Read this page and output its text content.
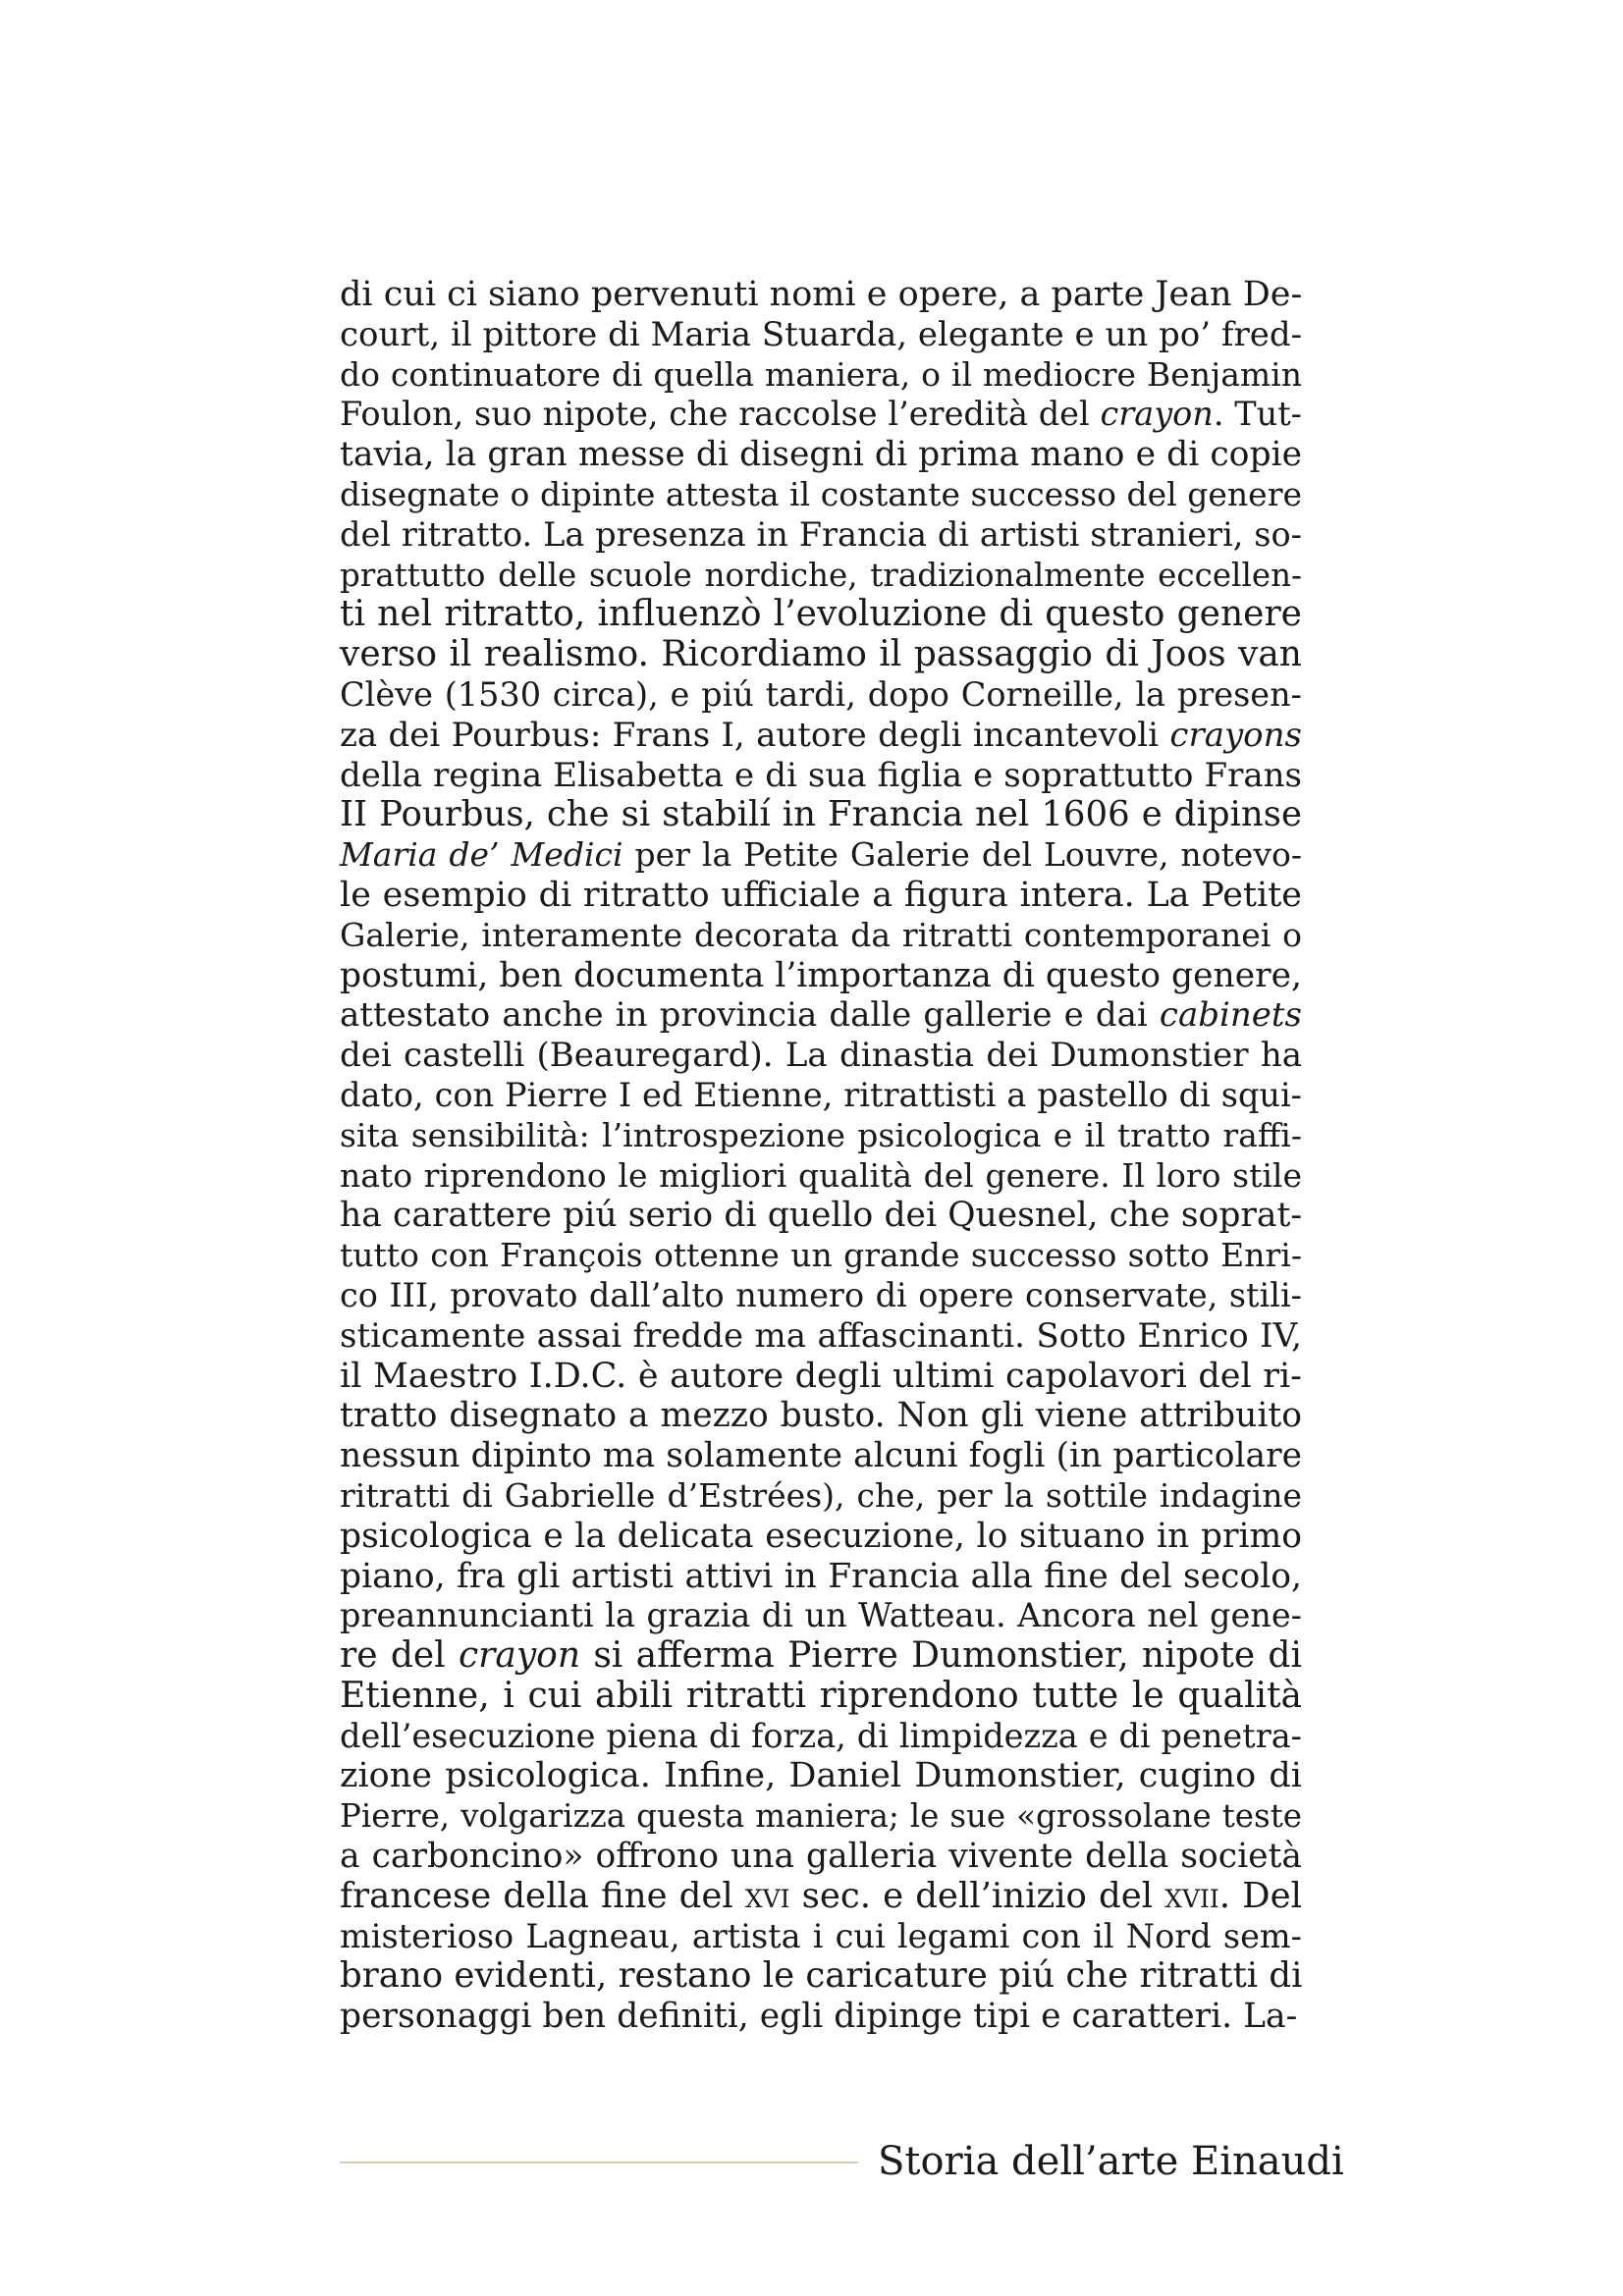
di cui ci siano pervenuti nomi e opere, a parte Jean De-
court, il pittore di Maria Stuarda, elegante e un po’ fred-
do continuatore di quella maniera, o il mediocre Benjamin
Foulon, suo nipote, che raccolse l’eredità del crayon. Tut-
tavia, la gran messe di disegni di prima mano e di copie
disegnate o dipinte attesta il costante successo del genere
del ritratto. La presenza in Francia di artisti stranieri, so-
prattutto delle scuole nordiche, tradizionalmente eccellen-
ti nel ritratto, influenzò l’evoluzione di questo genere
verso il realismo. Ricordiamo il passaggio di Joos van
Clève (1530 circa), e piú tardi, dopo Corneille, la presen-
za dei Pourbus: Frans I, autore degli incantevoli crayons
della regina Elisabetta e di sua figlia e soprattutto Frans
II Pourbus, che si stabilí in Francia nel 1606 e dipinse
Maria de’ Medici per la Petite Galerie del Louvre, notevo-
le esempio di ritratto ufficiale a figura intera. La Petite
Galerie, interamente decorata da ritratti contemporanei o
postumi, ben documenta l’importanza di questo genere,
attestato anche in provincia dalle gallerie e dai cabinets
dei castelli (Beauregard). La dinastia dei Dumonstier ha
dato, con Pierre I ed Etienne, ritrattisti a pastello di squi-
sita sensibilità: l’introspezione psicologica e il tratto raffi-
nato riprendono le migliori qualità del genere. Il loro stile
ha carattere piú serio di quello dei Quesnel, che soprat-
tutto con François ottenne un grande successo sotto Enri-
co III, provato dall’alto numero di opere conservate, stili-
sticamente assai fredde ma affascinanti. Sotto Enrico IV,
il Maestro I.D.C. è autore degli ultimi capolavori del ri-
tratto disegnato a mezzo busto. Non gli viene attribuito
nessun dipinto ma solamente alcuni fogli (in particolare
ritratti di Gabrielle d’Estrées), che, per la sottile indagine
psicologica e la delicata esecuzione, lo situano in primo
piano, fra gli artisti attivi in Francia alla fine del secolo,
preannuncianti la grazia di un Watteau. Ancora nel gene-
re del crayon si afferma Pierre Dumonstier, nipote di
Etienne, i cui abili ritratti riprendono tutte le qualità
dell’esecuzione piena di forza, di limpidezza e di penetra-
zione psicologica. Infine, Daniel Dumonstier, cugino di
Pierre, volgarizza questa maniera; le sue «grossolane teste
a carboncino» offrono una galleria vivente della società
francese della fine del xvi sec. e dell’inizio del xvii. Del
misterioso Lagneau, artista i cui legami con il Nord sem-
brano evidenti, restano le caricature piú che ritratti di
personaggi ben definiti, egli dipinge tipi e caratteri. La-
Storia dell’arte Einaudi
